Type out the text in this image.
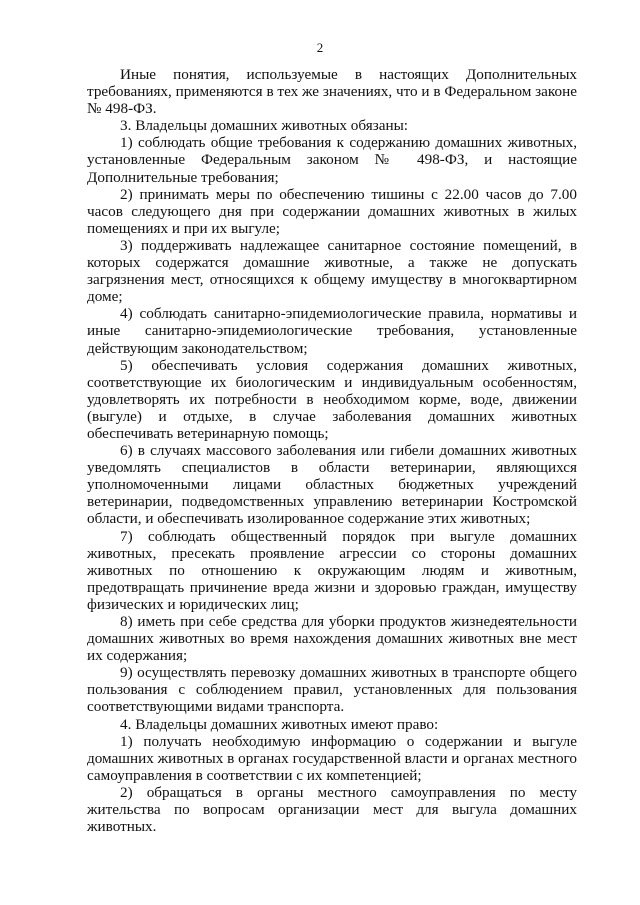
2

Иные понятия, используемые в настоящих Дополнительных требованиях, применяются в тех же значениях, что и в Федеральном законе № 498-ФЗ.

3. Владельцы домашних животных обязаны:

1) соблюдать общие требования к содержанию домашних животных, установленные Федеральным законом № 498-ФЗ, и настоящие Дополнительные требования;

2) принимать меры по обеспечению тишины с 22.00 часов до 7.00 часов следующего дня при содержании домашних животных в жилых помещениях и при их выгуле;

3) поддерживать надлежащее санитарное состояние помещений, в которых содержатся домашние животные, а также не допускать загрязнения мест, относящихся к общему имуществу в многоквартирном доме;

4) соблюдать санитарно-эпидемиологические правила, нормативы и иные санитарно-эпидемиологические требования, установленные действующим законодательством;

5) обеспечивать условия содержания домашних животных, соответствующие их биологическим и индивидуальным особенностям, удовлетворять их потребности в необходимом корме, воде, движении (выгуле) и отдыхе, в случае заболевания домашних животных обеспечивать ветеринарную помощь;

6) в случаях массового заболевания или гибели домашних животных уведомлять специалистов в области ветеринарии, являющихся уполномоченными лицами областных бюджетных учреждений ветеринарии, подведомственных управлению ветеринарии Костромской области, и обеспечивать изолированное содержание этих животных;

7) соблюдать общественный порядок при выгуле домашних животных, пресекать проявление агрессии со стороны домашних животных по отношению к окружающим людям и животным, предотвращать причинение вреда жизни и здоровью граждан, имуществу физических и юридических лиц;

8) иметь при себе средства для уборки продуктов жизнедеятельности домашних животных во время нахождения домашних животных вне мест их содержания;

9) осуществлять перевозку домашних животных в транспорте общего пользования с соблюдением правил, установленных для пользования соответствующими видами транспорта.

4. Владельцы домашних животных имеют право:

1) получать необходимую информацию о содержании и выгуле домашних животных в органах государственной власти и органах местного самоуправления в соответствии с их компетенцией;

2) обращаться в органы местного самоуправления по месту жительства по вопросам организации мест для выгула домашних животных.
